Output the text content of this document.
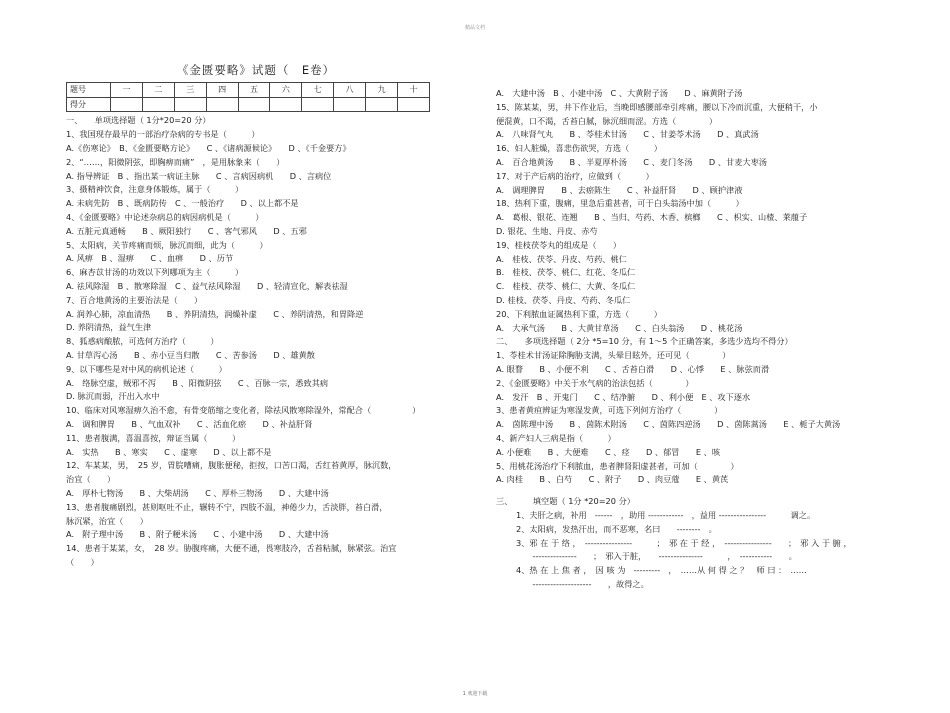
精品文档
《金匮要略》试题（　E卷）
题号	一	二	三	四	五	六	七	八	九	十
得分										
一、　　单项选择题（ 1分*20=20 分）
1、我国现存最早的一部治疗杂病的专书是（　　　）
A.《伤寒论》　B、《金匮要略方论》　　C 、《诸病源候论》　　D 、《千金要方》
2、“……，阳微阴弦，即胸痹而痛”　，是用脉象来（　　）
A. 指导辨证　B 、指出某一病证主脉　　C 、言病因病机　　D 、言病位
3、摄精神饮食，注意身体锻炼，属于（　　　）
A. 未病先防　B 、既病防传　C 、一般治疗　　D 、以上都不是
4、《金匮要略》中论述杂病总的病因病机是（　　　）
A. 五脏元真通畅　　B 、厥阳独行　　C 、客气邪风　　D 、五邪
5、太阳病，关节疼痛而烦，脉沉而细，此为（　　　）
A. 风痹　B 、湿痹　　C 、血痹　　D 、历节
6、麻杏苡甘汤的功效以下列哪项为主（　　　）
A. 祛风除湿　B 、散寒除湿　C 、益气祛风除湿　　D 、轻清宣化，解表祛湿
7、百合地黄汤的主要治法是（　　）
A. 润养心肺，凉血清热　　B 、养阴清热，润燥补虚　　C 、养阴清热，和胃降逆
D. 养阴清热，益气生津
8、狐惑病酿脓，可选何方治疗（　　　）
A. 甘草泻心汤　　B 、赤小豆当归散　　C 、苦参汤　　D 、雄黄散
9、以下哪些是对中风的病机论述（　　　）
A.　络脉空虚，贼邪不泻　　B 、阳微阴弦　　C 、百脉一宗，悉致其病
D. 脉沉而弱，汗出入水中
10、临床对风寒湿痹久治不愈，有骨变筋缩之变化者，除祛风散寒除湿外，常配合（　　　　　）
A.　调和脾胃　　B 、气血双补　　C 、活血化瘀　　D 、补益肝肾
11、患者腹满，喜温喜按，辩证当属（　　　）
A.　实热　　B 、寒实　　C 、虚寒　　D 、以上都不是
12、车某某，男，　25 岁，胃脘嘈痛，腹胀便秘，拒按，口苦口渴，舌红苔黄厚，脉沉数，
治宜（　　）
A.　厚朴七物汤　　B 、大柴胡汤　　C 、厚朴三物汤　　D 、大建中汤
13、患者腹痛剧烈，甚则呕吐不止，辗转不宁，四肢不温，神倦少力，舌淡胖，苔白滑，
脉沉紧，治宜（　　）
A.　附子理中汤　　B 、附子粳米汤　　C 、小建中汤　　D 、大建中汤
14、患者于某某，女，　28 岁。胁腹疼痛，大便不通，畏寒肢冷，舌苔粘腻，脉紧弦。治宜
（　　）
A.　大建中汤　B 、小建中汤　C 、大黄附子汤　　D 、麻黄附子汤
15、陈某某，男，井下作业后，当晚即感腰部牵引疼痛，腰以下冷而沉重，大便稍干，小
便混黄，口不渴，舌苔白腻，脉沉细而涩。方选（　　　　）
A.　八味肾气丸　　B 、苓桂术甘汤　　C 、甘姜苓术汤　　D 、真武汤
16、妇人脏燥，喜悲伤欲哭，方选（　　　）
A.　百合地黄汤　　B 、半夏厚朴汤　　C 、麦门冬汤　　D 、甘麦大枣汤
17、对于产后病的治疗，应做到（　　　）
A.　调理脾胃　　B 、去瘀陈生　　C 、补益肝肾　　D 、顾护津液
18、热利下重，腹痛，里急后重甚者，可于白头翁汤中加（　　　）
A.　葛根、银花、连翘　　B 、当归、芍药、木香、槟榔　　C 、枳实、山楂、莱菔子
D. 银花、生地、丹皮、赤芍
19、桂枝茯苓丸的组成是（　　）
A.　桂枝、茯苓、丹皮、芍药、桃仁
B.　桂枝、茯苓、桃仁、红花、冬瓜仁
C.　桂枝、茯苓、桃仁、大黄、冬瓜仁
D. 桂枝、茯苓、丹皮、芍药、冬瓜仁
20、下利脓血证属热利下重，方选（　　　）
A.　大承气汤　　B 、大黄甘草汤　　C 、白头翁汤　　D 、桃花汤
二、　　多项选择题（ 2分 *5=10 分，有 1～5 个正确答案，多选少选均不得分）
1、苓桂术甘汤证除胸胁支满，头晕目眩外，还可见（　　　　）
A. 眼瞀　　B 、小便不利　　C 、舌苔白滑　　D 、心悸　　E 、脉弦而滑
2、《金匮要略》中关于水气病的治法包括（　　　　）
A.　发汗　B 、开鬼门　　C 、结净腑　　D 、利小便　E 、攻下逐水
3、患者黄疸辨证为寒湿发黄，可选下列何方治疗（　　　　）
A.　茵陈理中汤　　B 、茵陈术附汤　　C 、茵陈四逆汤　　D 、茵陈蒿汤　　E 、栀子大黄汤
4、新产妇人三病是指（　　　）
A. 小便难　　B 、大便难　　C 、痉　　D 、郁冒　　E 、咳
5、用桃花汤治疗下利脓血，患者脾肾阳虚甚者，可加（　　　　）
A. 肉桂　　B 、白芍　　C 、附子　　D 、肉豆蔻　　E 、黄芪
三、　　　填空题（ 1分 *20=20 分）
1、夫肝之病，补用　------　，助用 ------------　，益用 ----------------　　　调之。
2、太阳病，发热汗出，而不恶寒，名曰　　--------　。
3、邪 在 于 络 ，　----------------　　　；　邪 在 于 经 ，　----------------　　；　邪 入 于 腑 ，
　　---------------　　；　邪入于脏，　　---------------　　　，　-----------　　。
4、热 在 上 焦 者 ，　因 咳 为　---------　，　……从 何 得 之 ？　师 曰 ：　……
　　--------------------　　，故得之。
1 欢迎下载
